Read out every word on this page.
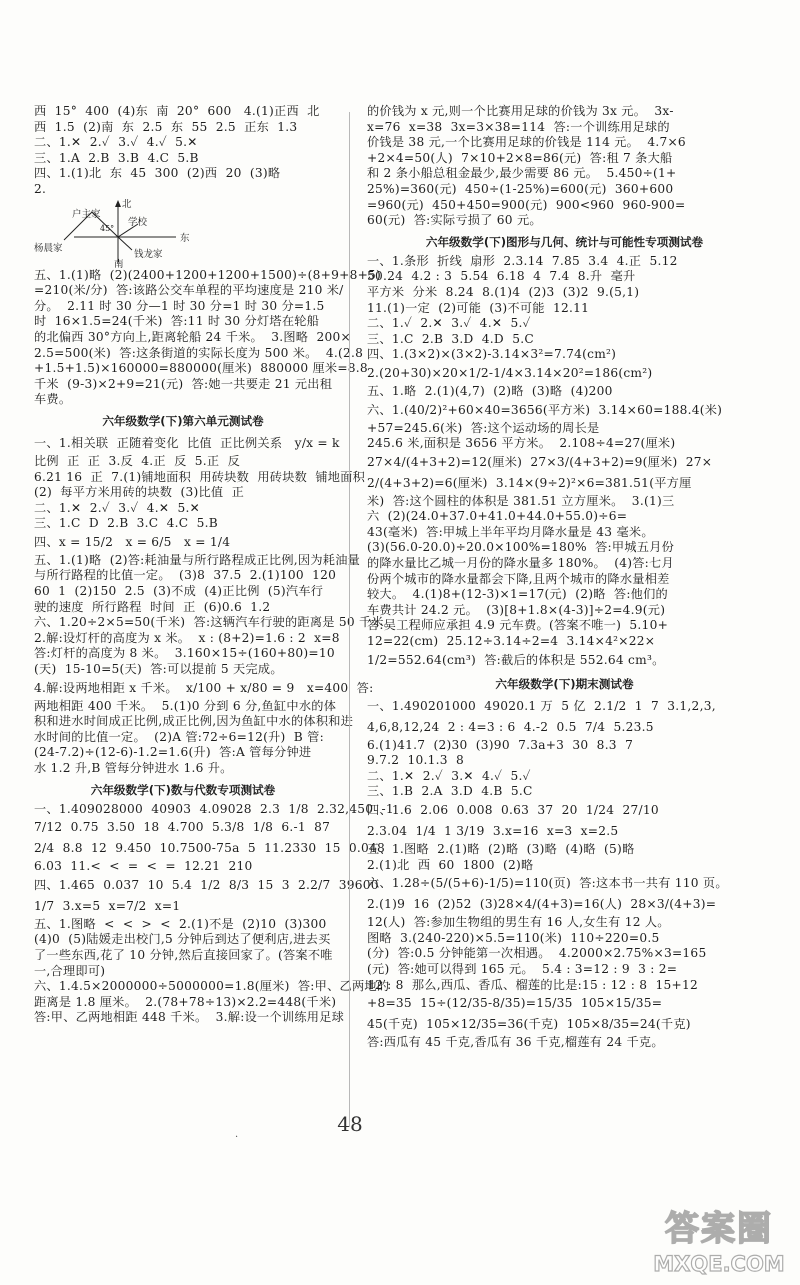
西  15°  400  (4)东  南  20°  600   4.(1)正西  北
西  1.5  (2)南  东  2.5  东  55  2.5  正东  1.3
二、1.✕  2.✓  3.✓  4.✓  5.✕
三、1.A  2.B  3.B  4.C  5.B
四、1.(1)北  东  45  300  (2)西  20  (3)略
2.
北
南
东
户主家
学校
杨晨家
钱龙家
45°
五、1.(1)略  (2)(2400+1200+1200+1500)÷(8+9+8+5)
=210(米/分)  答:该路公交车单程的平均速度是 210 米/
分。  2.11 时 30 分—1 时 30 分=1 时 30 分=1.5
时  16×1.5=24(千米)  答:11 时 30 分灯塔在轮船
的北偏西 30°方向上,距离轮船 24 千米。  3.图略  200×
2.5=500(米)  答:这条街道的实际长度为 500 米。  4.(2.8
+1.5+1.5)×160000=880000(厘米)  880000 厘米=8.8
千米  (9-3)×2+9=21(元)  答:她一共要走 21 元出租
车费。
六年级数学(下)第六单元测试卷
一、1.相关联  正随着变化  比值  正比例关系   y/x = k
比例  正  正  3.反  4.正  反  5.正  反
6.21 16  正  7.(1)铺地面积  用砖块数  用砖块数  铺地面积
(2)  每平方米用砖的块数  (3)比值  正
二、1.✕  2.✓  3.✓  4.✕  5.✕
三、1.C  D  2.B  3.C  4.C  5.B
四、x = 15/2   x = 6/5   x = 1/4
五、1.(1)略  (2)答:耗油量与所行路程成正比例,因为耗油量
与所行路程的比值一定。  (3)8  37.5  2.(1)100  120
60  1  (2)150  2.5  (3)不成  (4)正比例  (5)汽车行
驶的速度  所行路程  时间  正  (6)0.6  1.2
六、1.20÷2×5=50(千米)  答:这辆汽车行驶的距离是 50 千米。
2.解:设灯杆的高度为 x 米。  x : (8+2)=1.6 : 2  x=8
答:灯杆的高度为 8 米。  3.160×15÷(160+80)=10
(天)  15-10=5(天)  答:可以提前 5 天完成。
4.解:设两地相距 x 千米。  x/100 + x/80 = 9   x=400  答:
两地相距 400 千米。  5.(1)0 分到 6 分,鱼缸中水的体
积和进水时间成正比例,成正比例,因为鱼缸中水的体积和进
水时间的比值一定。  (2)A 管:72÷6=12(升)  B 管:
(24-7.2)÷(12-6)-1.2=1.6(升)  答:A 管每分钟进
水 1.2 升,B 管每分钟进水 1.6 升。
六年级数学(下)数与代数专项测试卷
一、1.409028000  40903  4.09028  2.3  1/8  2.32,450  -1
7/12  0.75  3.50  18  4.700  5.3/8  1/8  6.-1  87
2/4  8.8  12  9.450  10.7500-75a  5  11.2330  15  0.048
6.03  11.<  <  =  <  =  12.21  210
四、1.465  0.037  10  5.4  1/2  8/3  15  3  2.2/7  39600
1/7  3.x=5  x=7/2  x=1
五、1.图略  <  <  >  <  2.(1)不是  (2)10  (3)300
(4)0  (5)陆媛走出校门,5 分钟后到达了便利店,进去买
了一些东西,花了 10 分钟,然后直接回家了。(答案不唯
一,合理即可)
六、1.4.5×2000000÷5000000=1.8(厘米)  答:甲、乙两地的
距离是 1.8 厘米。  2.(78+78÷13)×2.2=448(千米)
答:甲、乙两地相距 448 千米。  3.解:设一个训练用足球
的价钱为 x 元,则一个比赛用足球的价钱为 3x 元。  3x-
x=76  x=38  3x=3×38=114  答:一个训练用足球的
价钱是 38 元,一个比赛用足球的价钱是 114 元。  4.7×6
+2×4=50(人)  7×10+2×8=86(元)  答:租 7 条大船
和 2 条小船总租金最少,最少需要 86 元。  5.450÷(1+
25%)=360(元)  450÷(1-25%)=600(元)  360+600
=960(元)  450+450=900(元)  900<960  960-900=
60(元)  答:实际亏损了 60 元。
六年级数学(下)图形与几何、统计与可能性专项测试卷
一、1.条形  折线  扇形  2.3.14  7.85  3.4  4.正  5.12
50.24  4.2 : 3  5.54  6.18  4  7.4  8.升  毫升
平方米  分米  8.24  8.(1)4  (2)3  (3)2  9.(5,1)
11.(1)一定  (2)可能  (3)不可能  12.11
二、1.✓  2.✕  3.✓  4.✕  5.✓
三、1.C  2.B  3.D  4.D  5.C
四、1.(3×2)×(3×2)-3.14×3²=7.74(cm²)
2.(20+30)×20×1/2-1/4×3.14×20²=186(cm²)
五、1.略  2.(1)(4,7)  (2)略  (3)略  (4)200
六、1.(40/2)²+60×40=3656(平方米)  3.14×60=188.4(米)
+57=245.6(米)  答:这个运动场的周长是
245.6 米,面积是 3656 平方米。  2.108÷4=27(厘米)
27×4/(4+3+2)=12(厘米)  27×3/(4+3+2)=9(厘米)  27×
2/(4+3+2)=6(厘米)  3.14×(9÷2)²×6=381.51(平方厘
米)  答:这个圆柱的体积是 381.51 立方厘米。  3.(1)三
六  (2)(24.0+37.0+41.0+44.0+55.0)÷6=
43(毫米)  答:甲城上半年平均月降水量是 43 毫米。
(3)(56.0-20.0)÷20.0×100%=180%  答:甲城五月份
的降水量比乙城一月份的降水量多 180%。  (4)答:七月
份两个城市的降水量都会下降,且两个城市的降水量相差
较大。  4.(1)8+(12-3)×1=17(元)  (2)略  答:他们的
车费共计 24.2 元。  (3)[8+1.8×(4-3)]÷2=4.9(元)
答:吴工程师应承担 4.9 元车费。(答案不唯一)  5.10+
12=22(cm)  25.12÷3.14÷2=4  3.14×4²×22×
1/2=552.64(cm³)  答:截后的体积是 552.64 cm³。
六年级数学(下)期末测试卷
一、1.490201000  49020.1 万  5 亿  2.1/2  1  7  3.1,2,3,
4,6,8,12,24  2 : 4=3 : 6  4.-2  0.5  7/4  5.23.5
6.(1)41.7  (2)30  (3)90  7.3a+3  30  8.3  7
9.7.2  10.1.3  8
二、1.✕  2.✓  3.✕  4.✓  5.✓
三、1.B  2.A  3.D  4.B  5.C
四、1.6  2.06  0.008  0.63  37  20  1/24  27/10
2.3.04  1/4  1 3/19  3.x=16  x=3  x=2.5
五、1.图略  2.(1)略  (2)略  (3)略  (4)略  (5)略
2.(1)北  西  60  1800  (2)略
六、1.28÷(5/(5+6)-1/5)=110(页)  答:这本书一共有 110 页。
2.(1)9  16  (2)52  (3)28×4/(4+3)=16(人)  28×3/(4+3)=
12(人)  答:参加生物组的男生有 16 人,女生有 12 人。
图略  3.(240-220)×5.5=110(米)  110÷220=0.5
(分)  答:0.5 分钟能第一次相遇。  4.2000×2.75%×3=165
(元)  答:她可以得到 165 元。  5.4 : 3=12 : 9  3 : 2=
12 : 8  那么,西瓜、香瓜、榴莲的比是:15 : 12 : 8  15+12
+8=35  15÷(12/35-8/35)=15/35  105×15/35=
45(千克)  105×12/35=36(千克)  105×8/35=24(千克)
答:西瓜有 45 千克,香瓜有 36 千克,榴莲有 24 千克。
48
·
答案圈
MXQE.COM
